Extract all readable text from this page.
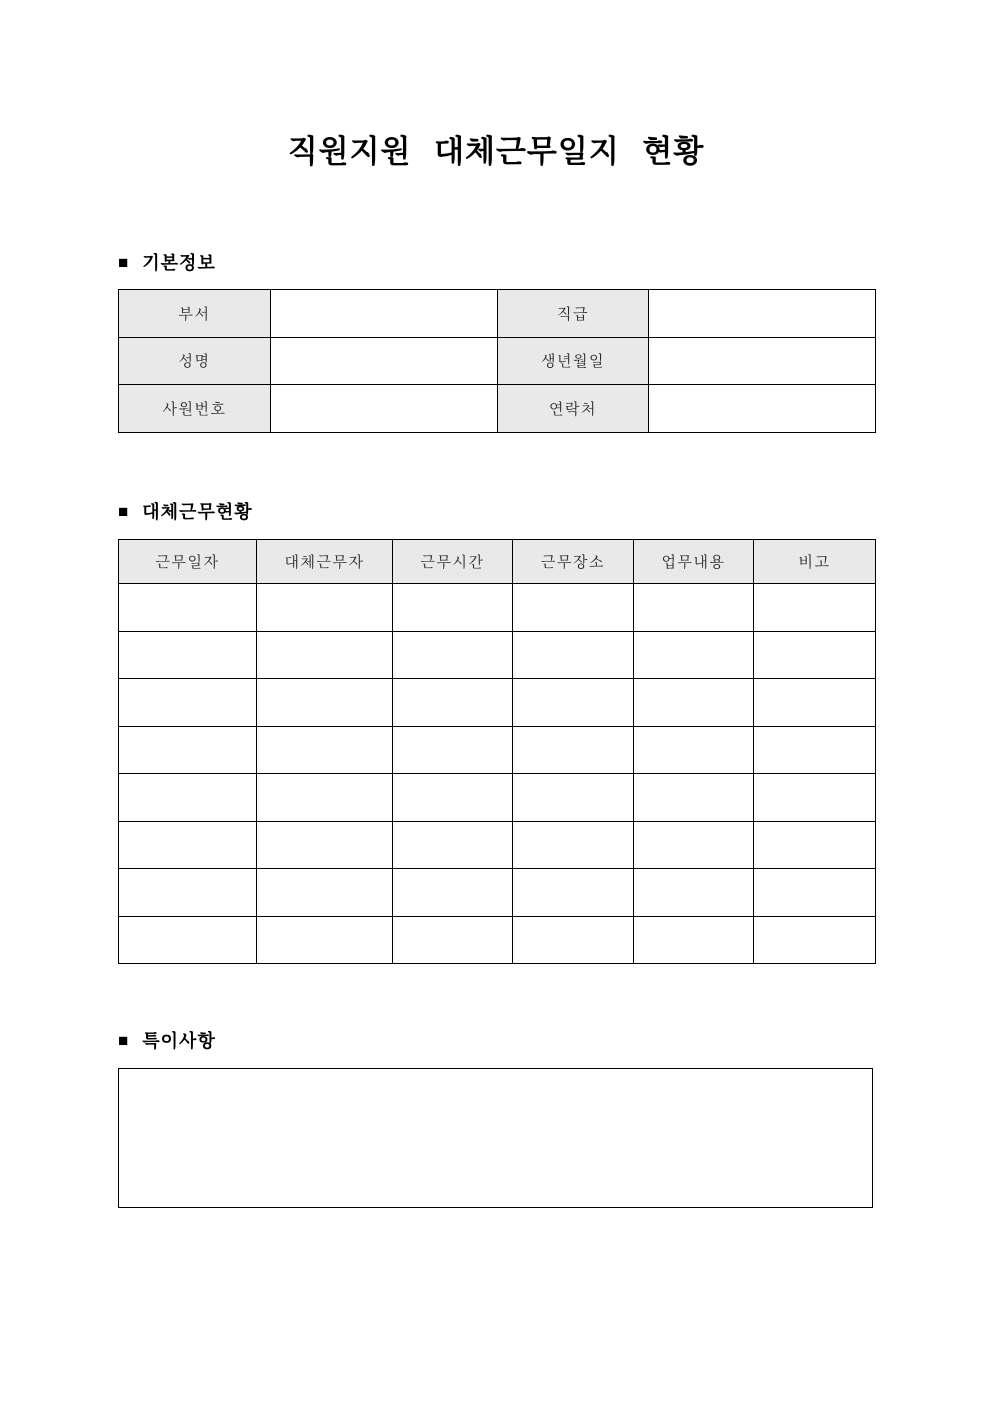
직원지원 대체근무일지 현황
■ 기본정보
부서		직급	
성명		생년월일	
사원번호		연락처	
■ 대체근무현황
근무일자	대체근무자	근무시간	근무장소	업무내용	비고

■ 특이사항
